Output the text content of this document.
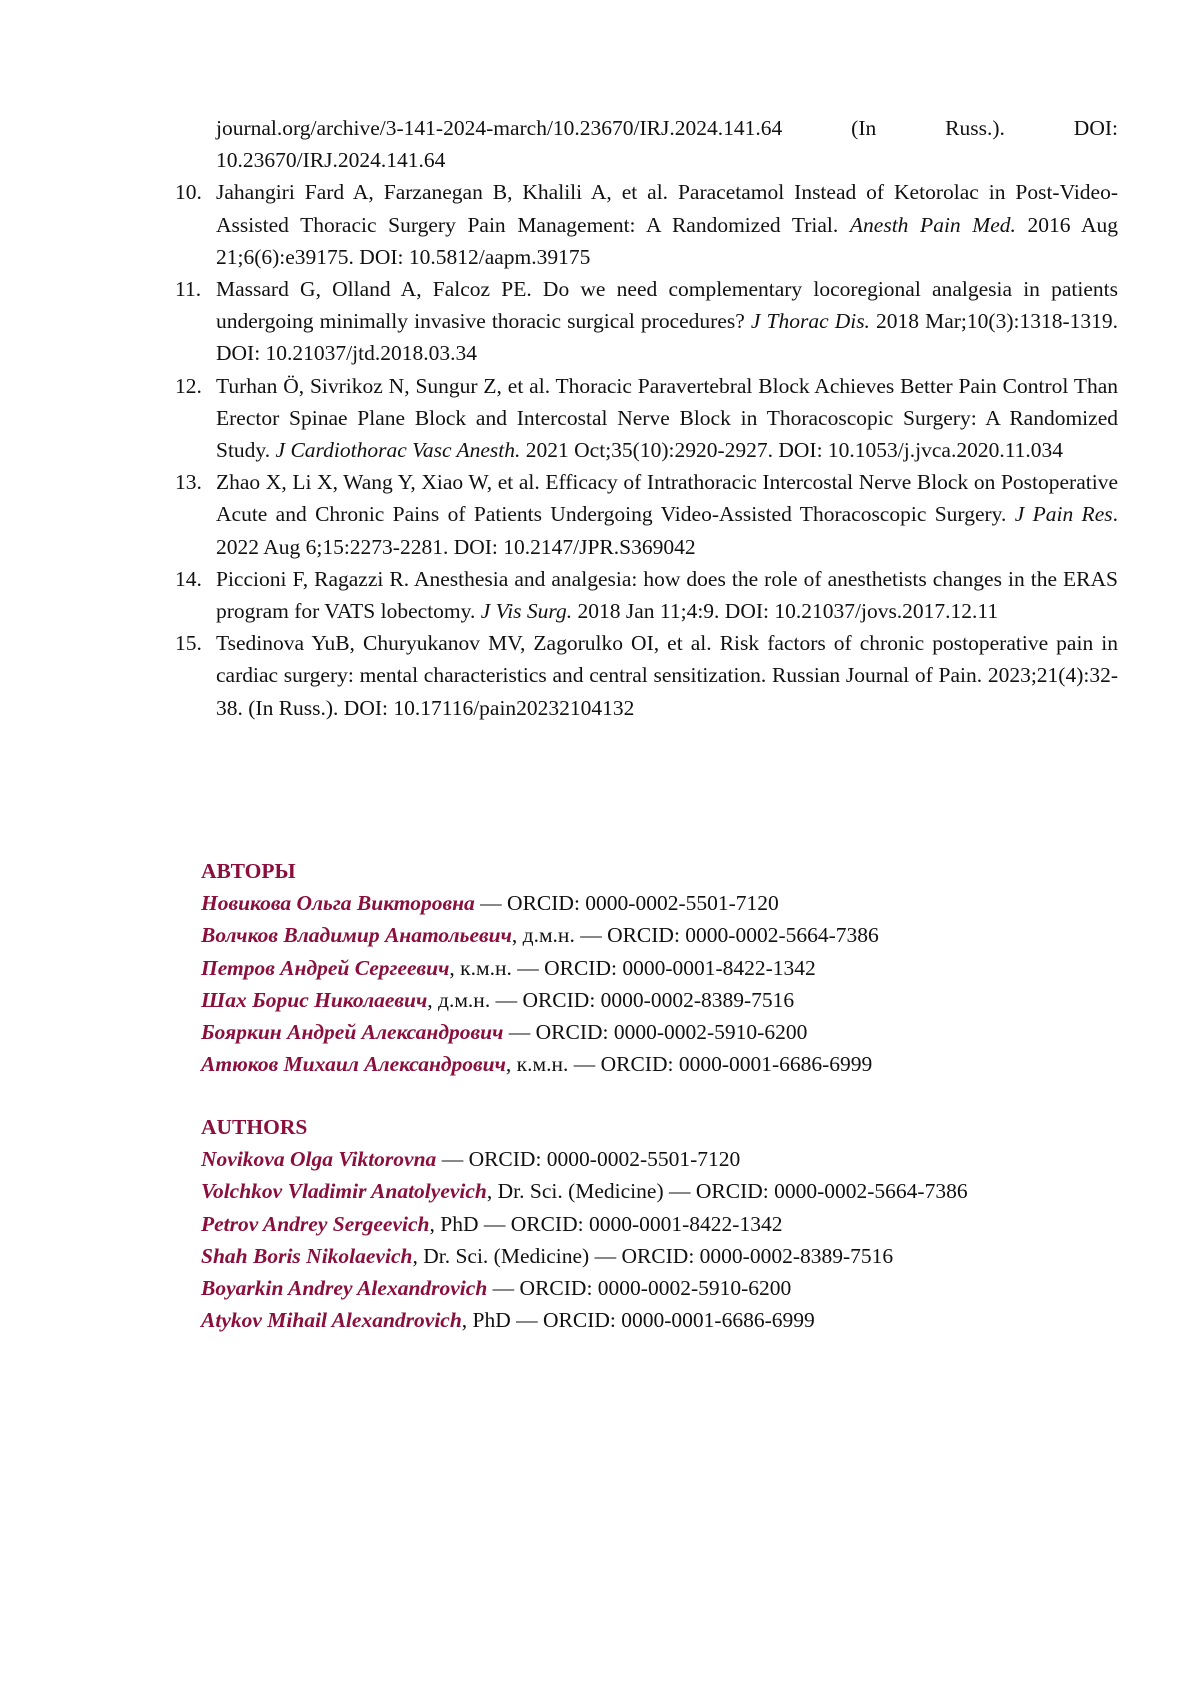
journal.org/archive/3-141-2024-march/10.23670/IRJ.2024.141.64 (In Russ.). DOI: 10.23670/IRJ.2024.141.64
10. Jahangiri Fard A, Farzanegan B, Khalili A, et al. Paracetamol Instead of Ketorolac in Post-Video-Assisted Thoracic Surgery Pain Management: A Randomized Trial. Anesth Pain Med. 2016 Aug 21;6(6):e39175. DOI: 10.5812/aapm.39175
11. Massard G, Olland A, Falcoz PE. Do we need complementary locoregional analgesia in patients undergoing minimally invasive thoracic surgical procedures? J Thorac Dis. 2018 Mar;10(3):1318-1319. DOI: 10.21037/jtd.2018.03.34
12. Turhan Ö, Sivrikoz N, Sungur Z, et al. Thoracic Paravertebral Block Achieves Better Pain Control Than Erector Spinae Plane Block and Intercostal Nerve Block in Thoracoscopic Surgery: A Randomized Study. J Cardiothorac Vasc Anesth. 2021 Oct;35(10):2920-2927. DOI: 10.1053/j.jvca.2020.11.034
13. Zhao X, Li X, Wang Y, Xiao W, et al. Efficacy of Intrathoracic Intercostal Nerve Block on Postoperative Acute and Chronic Pains of Patients Undergoing Video-Assisted Thoracoscopic Surgery. J Pain Res. 2022 Aug 6;15:2273-2281. DOI: 10.2147/JPR.S369042
14. Piccioni F, Ragazzi R. Anesthesia and analgesia: how does the role of anesthetists changes in the ERAS program for VATS lobectomy. J Vis Surg. 2018 Jan 11;4:9. DOI: 10.21037/jovs.2017.12.11
15. Tsedinova YuB, Churyukanov MV, Zagorulko OI, et al. Risk factors of chronic postoperative pain in cardiac surgery: mental characteristics and central sensitization. Russian Journal of Pain. 2023;21(4):32-38. (In Russ.). DOI: 10.17116/pain20232104132
АВТОРЫ
Новикова Ольга Викторовна — ORCID: 0000-0002-5501-7120
Волчков Владимир Анатольевич, д.м.н. — ORCID: 0000-0002-5664-7386
Петров Андрей Сергеевич, к.м.н. — ORCID: 0000-0001-8422-1342
Шах Борис Николаевич, д.м.н. — ORCID: 0000-0002-8389-7516
Бояркин Андрей Александрович — ORCID: 0000-0002-5910-6200
Атюков Михаил Александрович, к.м.н. — ORCID: 0000-0001-6686-6999
AUTHORS
Novikova Olga Viktorovna — ORCID: 0000-0002-5501-7120
Volchkov Vladimir Anatolyevich, Dr. Sci. (Medicine) — ORCID: 0000-0002-5664-7386
Petrov Andrey Sergeevich, PhD — ORCID: 0000-0001-8422-1342
Shah Boris Nikolaevich, Dr. Sci. (Medicine) — ORCID: 0000-0002-8389-7516
Boyarkin Andrey Alexandrovich — ORCID: 0000-0002-5910-6200
Atykov Mihail Alexandrovich, PhD — ORCID: 0000-0001-6686-6999
